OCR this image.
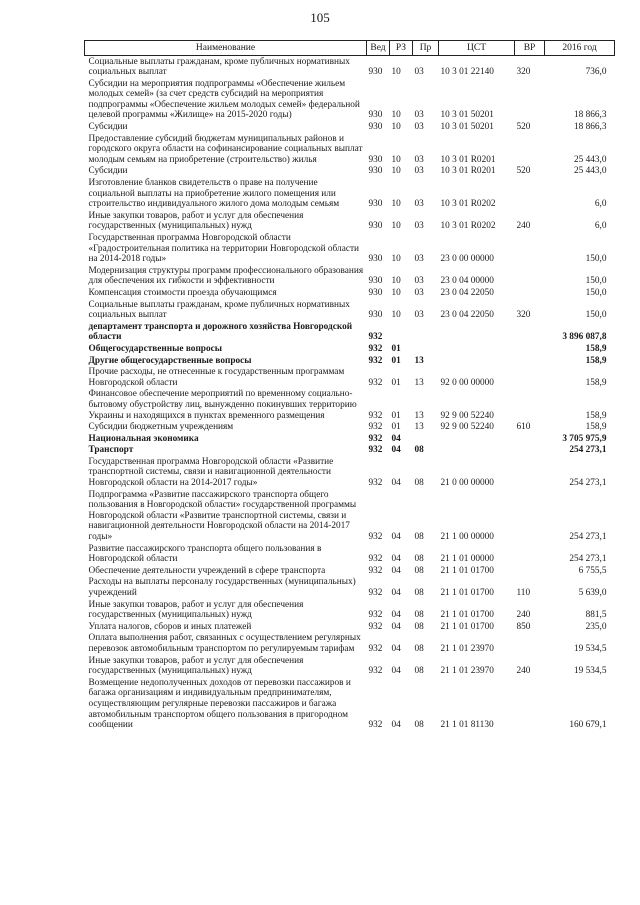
105
Наименование	Вед	РЗ	Пр	ЦСТ	ВР	2016 год
Социальные выплаты гражданам, кроме публичных нормативных социальных выплат	930	10	03	10 3 01 22140	320	736,0
Субсидии на мероприятия подпрограммы «Обеспечение жильем молодых семей» (за счет средств субсидий на мероприятия подпрограммы «Обеспечение жильем молодых семей» федеральной целевой программы «Жилище» на 2015-2020 годы)	930	10	03	10 3 01 50201		18 866,3
Субсидии	930	10	03	10 3 01 50201	520	18 866,3
Предоставление субсидий бюджетам муниципальных районов и городского округа области на софинансирование социальных выплат молодым семьям на приобретение (строительство) жилья	930	10	03	10 3 01 R0201		25 443,0
Субсидии	930	10	03	10 3 01 R0201	520	25 443,0
Изготовление бланков свидетельств о праве на получение социальной выплаты на приобретение жилого помещения или строительство индивидуального жилого дома молодым семьям	930	10	03	10 3 01 R0202		6,0
Иные закупки товаров, работ и услуг для обеспечения государственных (муниципальных) нужд	930	10	03	10 3 01 R0202	240	6,0
Государственная программа Новгородской области «Градостроительная политика на территории Новгородской области на 2014-2018 годы»	930	10	03	23 0 00 00000		150,0
Модернизация структуры программ профессионального образования для обеспечения их гибкости и эффективности	930	10	03	23 0 04 00000		150,0
Компенсация стоимости проезда обучающимся	930	10	03	23 0 04 22050		150,0
Социальные выплаты гражданам, кроме публичных нормативных социальных выплат	930	10	03	23 0 04 22050	320	150,0
департамент транспорта и дорожного хозяйства Новгородской области	932					3 896 087,8
Общегосударственные вопросы	932	01				158,9
Другие общегосударственные вопросы	932	01	13			158,9
Прочие расходы, не отнесенные к государственным программам Новгородской области	932	01	13	92 0 00 00000		158,9
Финансовое обеспечение мероприятий по временному социально-бытовому обустройству лиц, вынужденно покинувших территорию Украины и находящихся в пунктах временного размещения	932	01	13	92 9 00 52240		158,9
Субсидии бюджетным учреждениям	932	01	13	92 9 00 52240	610	158,9
Национальная экономика	932	04				3 705 975,9
Транспорт	932	04	08			254 273,1
Государственная программа Новгородской области «Развитие транспортной системы, связи и навигационной деятельности Новгородской области на 2014-2017 годы»	932	04	08	21 0 00 00000		254 273,1
Подпрограмма «Развитие пассажирского транспорта общего пользования в Новгородской области» государственной программы Новгородской области «Развитие транспортной системы, связи и навигационной деятельности Новгородской области на 2014-2017 годы»	932	04	08	21 1 00 00000		254 273,1
Развитие пассажирского транспорта общего пользования в Новгородской области	932	04	08	21 1 01 00000		254 273,1
Обеспечение деятельности учреждений в сфере транспорта	932	04	08	21 1 01 01700		6 755,5
Расходы на выплаты персоналу государственных (муниципальных) учреждений	932	04	08	21 1 01 01700	110	5 639,0
Иные закупки товаров, работ и услуг для обеспечения государственных (муниципальных) нужд	932	04	08	21 1 01 01700	240	881,5
Уплата налогов, сборов и иных платежей	932	04	08	21 1 01 01700	850	235,0
Оплата выполнения работ, связанных с осуществлением регулярных перевозок автомобильным транспортом по регулируемым тарифам	932	04	08	21 1 01 23970		19 534,5
Иные закупки товаров, работ и услуг для обеспечения государственных (муниципальных) нужд	932	04	08	21 1 01 23970	240	19 534,5
Возмещение недополученных доходов от перевозки пассажиров и багажа организациям и индивидуальным предпринимателям, осуществляющим регулярные перевозки пассажиров и багажа автомобильным транспортом общего пользования в пригородном сообщении	932	04	08	21 1 01 81130		160 679,1
